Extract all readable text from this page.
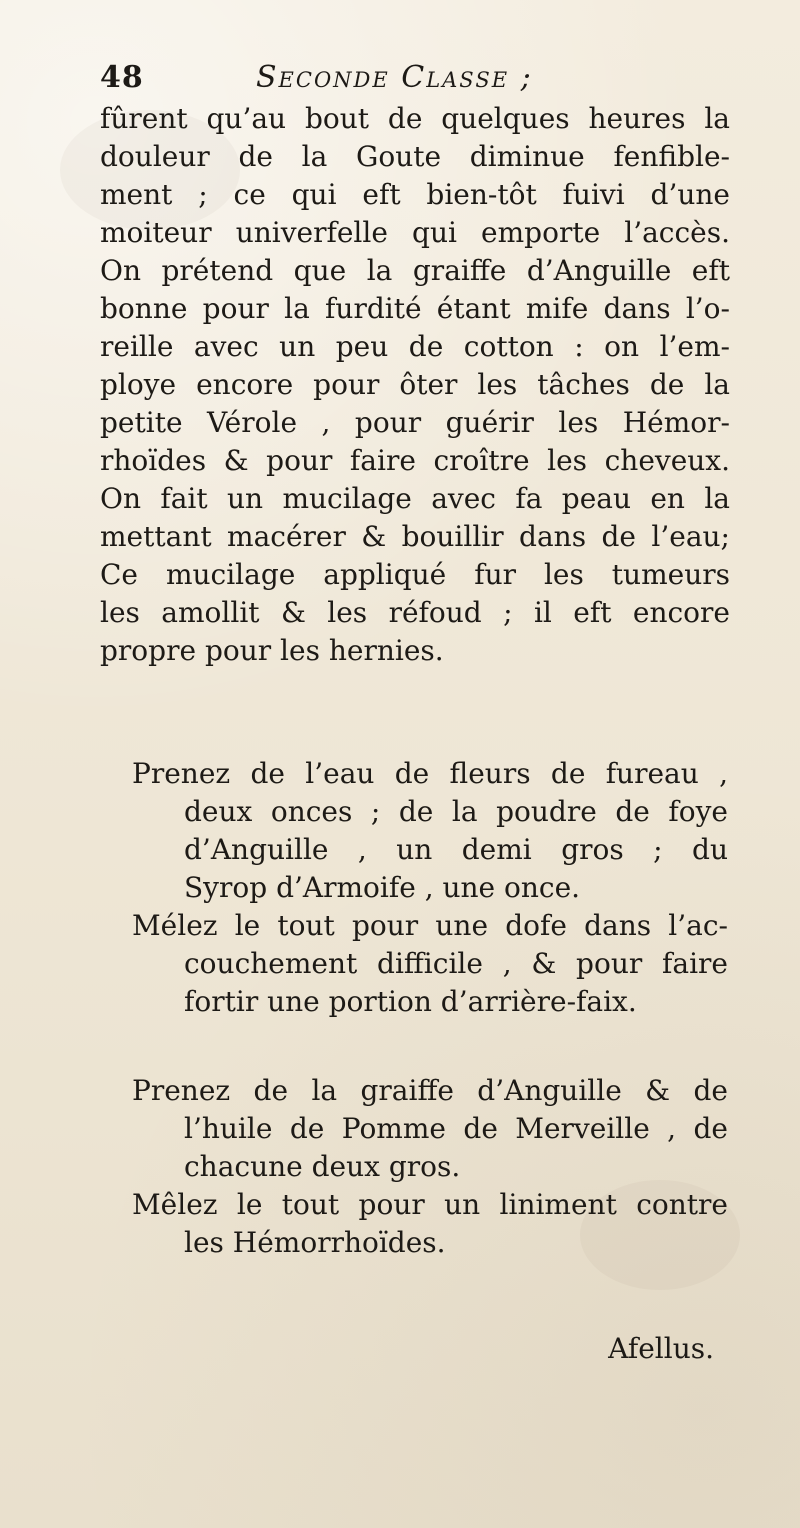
48	Seconde Classe ;
fûrent qu’au bout de quelques heures la
douleur de la Goute diminue fenfible-
ment ; ce qui eft bien-tôt fuivi d’une
moiteur univerfelle qui emporte l’accès.
On prétend que la graiffe d’Anguille eft
bonne pour la furdité étant mife dans l’o-
reille avec un peu de cotton : on l’em-
ploye encore pour ôter les tâches de la
petite Vérole , pour guérir les Hémor-
rhoïdes & pour faire croître les cheveux.
On fait un mucilage avec fa peau en la
mettant macérer & bouillir dans de l’eau;
Ce mucilage appliqué fur les tumeurs
les amollit & les réfoud ; il eft encore
propre pour les hernies.
Prenez de l’eau de fleurs de fureau ,
deux onces ; de la poudre de foye
d’Anguille , un demi gros ; du
Syrop d’Armoife , une once.
Mélez le tout pour une dofe dans l’ac-
couchement difficile , & pour faire
fortir une portion d’arrière-faix.
Prenez de la graiffe d’Anguille & de
l’huile de Pomme de Merveille , de
chacune deux gros.
Mêlez le tout pour un liniment contre
les Hémorrhoïdes.
Afellus.
